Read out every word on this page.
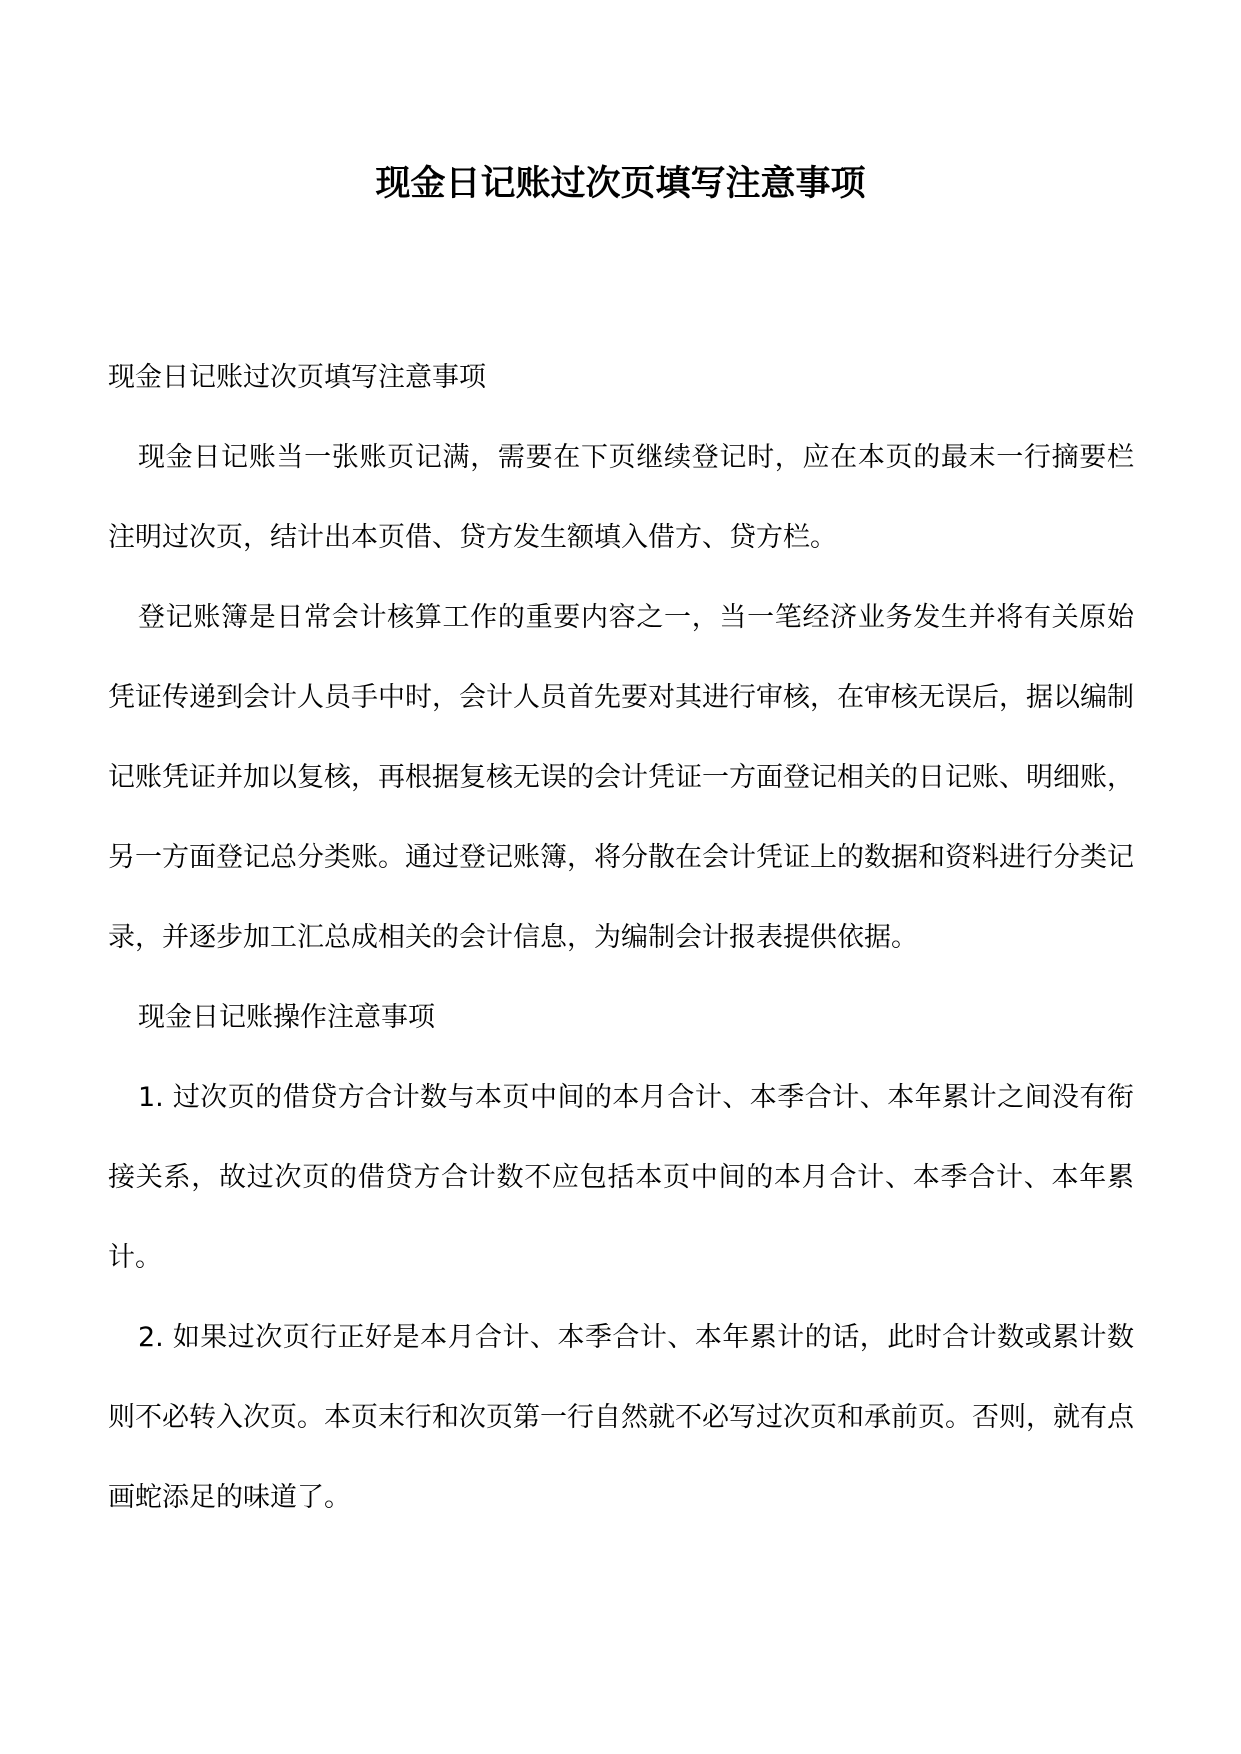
现金日记账过次页填写注意事项

现金日记账过次页填写注意事项

现金日记账当一张账页记满，需要在下页继续登记时，应在本页的最末一行摘要栏注明过次页，结计出本页借、贷方发生额填入借方、贷方栏。

登记账簿是日常会计核算工作的重要内容之一，当一笔经济业务发生并将有关原始凭证传递到会计人员手中时，会计人员首先要对其进行审核，在审核无误后，据以编制记账凭证并加以复核，再根据复核无误的会计凭证一方面登记相关的日记账、明细账，另一方面登记总分类账。通过登记账簿，将分散在会计凭证上的数据和资料进行分类记录，并逐步加工汇总成相关的会计信息，为编制会计报表提供依据。

现金日记账操作注意事项

1. 过次页的借贷方合计数与本页中间的本月合计、本季合计、本年累计之间没有衔接关系，故过次页的借贷方合计数不应包括本页中间的本月合计、本季合计、本年累计。

2. 如果过次页行正好是本月合计、本季合计、本年累计的话，此时合计数或累计数则不必转入次页。本页末行和次页第一行自然就不必写过次页和承前页。否则，就有点画蛇添足的味道了。
